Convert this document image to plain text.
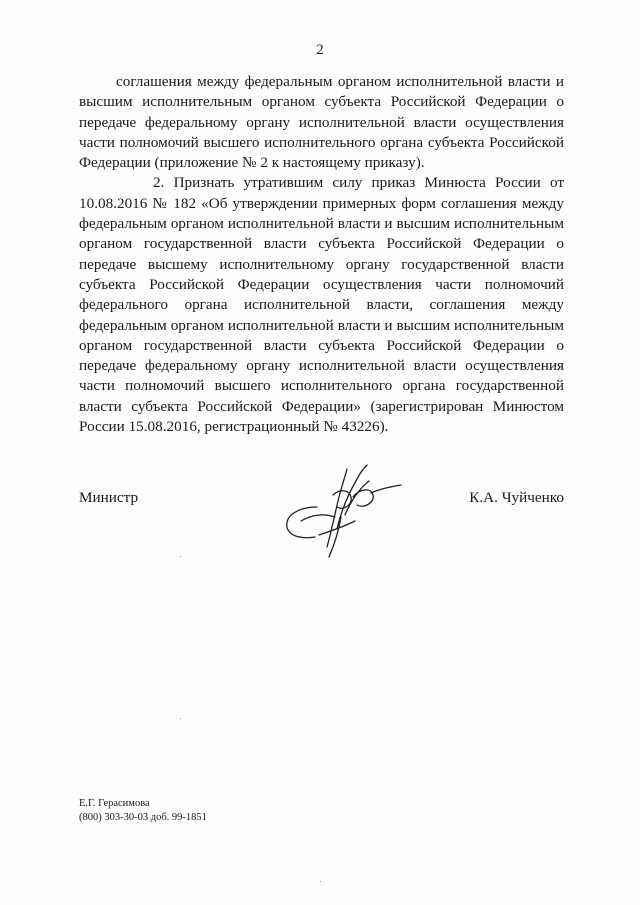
2

соглашения между федеральным органом исполнительной власти и высшим исполнительным органом субъекта Российской Федерации о передаче федеральному органу исполнительной власти осуществления части полномочий высшего исполнительного органа субъекта Российской Федерации (приложение № 2 к настоящему приказу).

2. Признать утратившим силу приказ Минюста России от 10.08.2016 № 182 «Об утверждении примерных форм соглашения между федеральным органом исполнительной власти и высшим исполнительным органом государственной власти субъекта Российской Федерации о передаче высшему исполнительному органу государственной власти субъекта Российской Федерации осуществления части полномочий федерального органа исполнительной власти, соглашения между федеральным органом исполнительной власти и высшим исполнительным органом государственной власти субъекта Российской Федерации о передаче федеральному органу исполнительной власти осуществления части полномочий высшего исполнительного органа государственной власти субъекта Российской Федерации» (зарегистрирован Минюстом России 15.08.2016, регистрационный № 43226).

Министр	К.А. Чуйченко
Е.Г. Герасимова
(800) 303-30-03 доб. 99-1851
